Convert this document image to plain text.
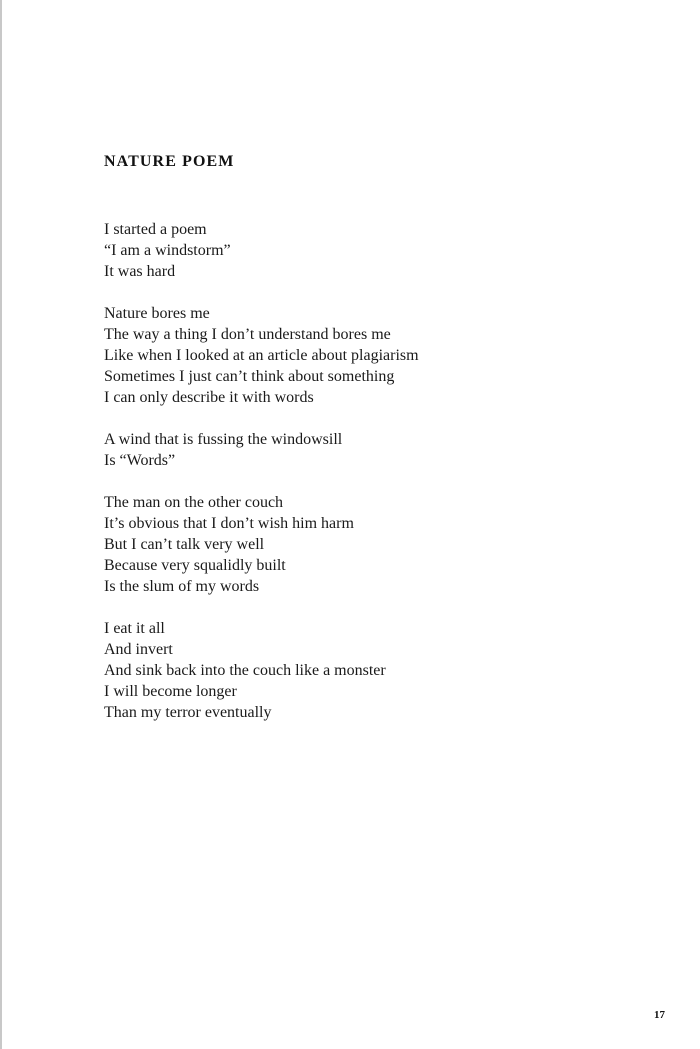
NATURE POEM
I started a poem
“I am a windstorm”
It was hard
Nature bores me
The way a thing I don’t understand bores me
Like when I looked at an article about plagiarism
Sometimes I just can’t think about something
I can only describe it with words
A wind that is fussing the windowsill
Is “Words”
The man on the other couch
It’s obvious that I don’t wish him harm
But I can’t talk very well
Because very squalidly built
Is the slum of my words
I eat it all
And invert
And sink back into the couch like a monster
I will become longer
Than my terror eventually
17
